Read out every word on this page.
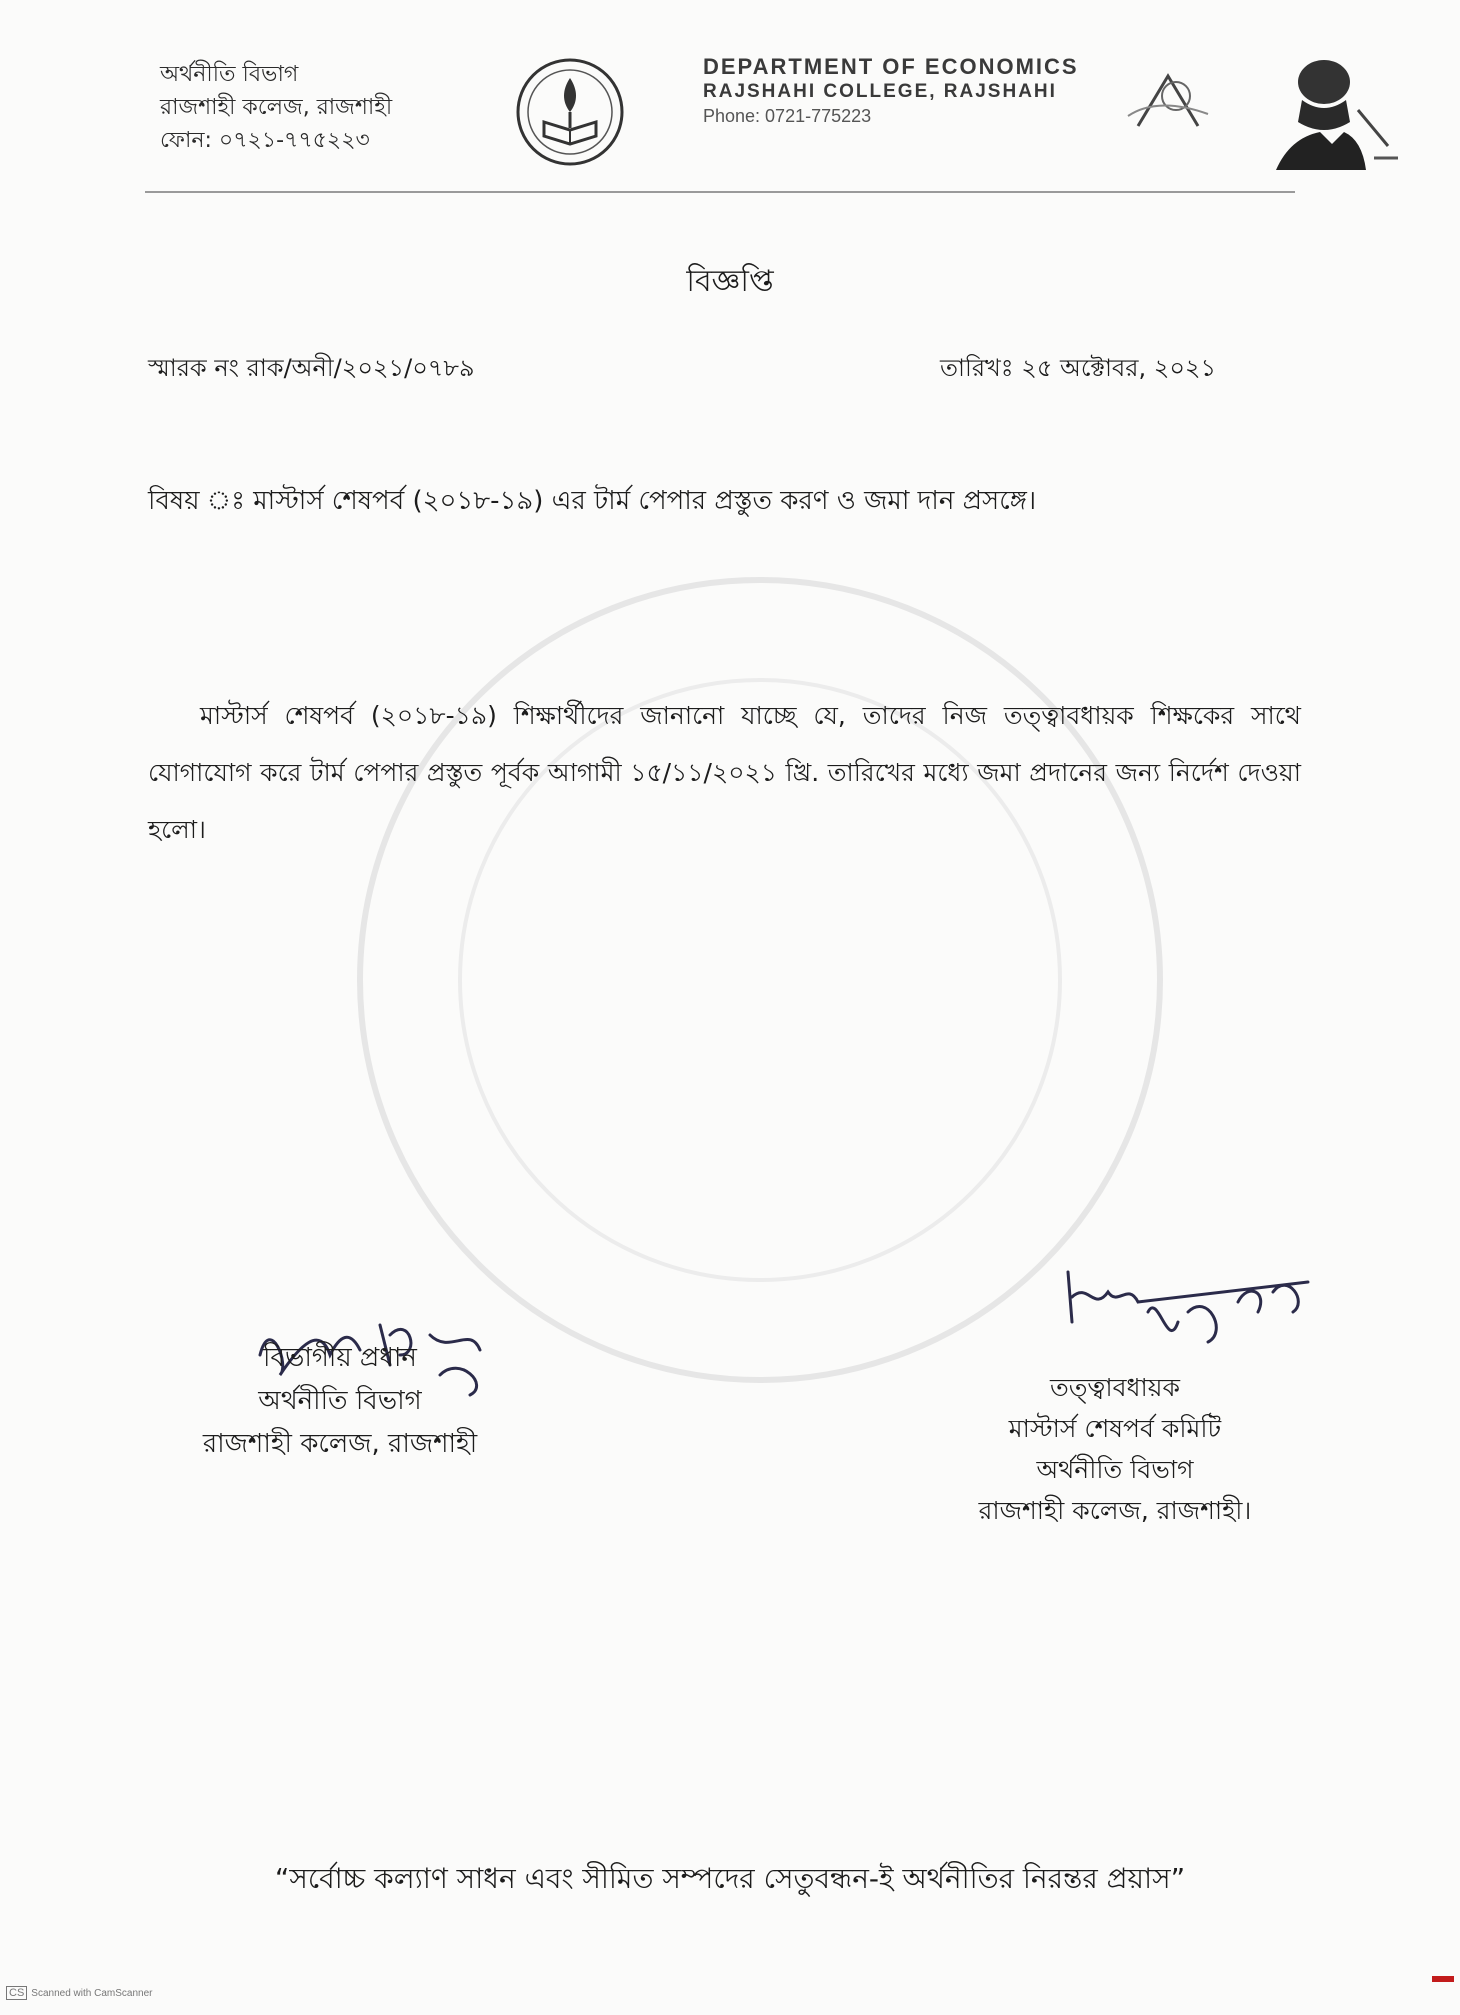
অর্থনীতি বিভাগ
রাজশাহী কলেজ, রাজশাহী
ফোন: ০৭২১-৭৭৫২২৩
DEPARTMENT OF ECONOMICS
RAJSHAHI COLLEGE, RAJSHAHI
Phone: 0721-775223
বিজ্ঞপ্তি
স্মারক নং রাক/অনী/২০২১/০৭৮৯	তারিখঃ ২৫ অক্টোবর, ২০২১
বিষয় ঃ মাস্টার্স শেষপর্ব (২০১৮-১৯) এর টার্ম পেপার প্রস্তুত করণ ও জমা দান প্রসঙ্গে।
মাস্টার্স শেষপর্ব (২০১৮-১৯) শিক্ষার্থীদের জানানো যাচ্ছে যে, তাদের নিজ তত্ত্বাবধায়ক শিক্ষকের সাথে যোগাযোগ করে টার্ম পেপার প্রস্তুত পূর্বক আগামী ১৫/১১/২০২১ খ্রি. তারিখের মধ্যে জমা প্রদানের জন্য নির্দেশ দেওয়া হলো।
বিভাগীয় প্রধান
অর্থনীতি বিভাগ
রাজশাহী কলেজ, রাজশাহী
তত্ত্বাবধায়ক
মাস্টার্স শেষপর্ব কমিটি
অর্থনীতি বিভাগ
রাজশাহী কলেজ, রাজশাহী।
“সর্বোচ্চ কল্যাণ সাধন এবং সীমিত সম্পদের সেতুবন্ধন-ই অর্থনীতির নিরন্তর প্রয়াস”
CS Scanned with CamScanner
